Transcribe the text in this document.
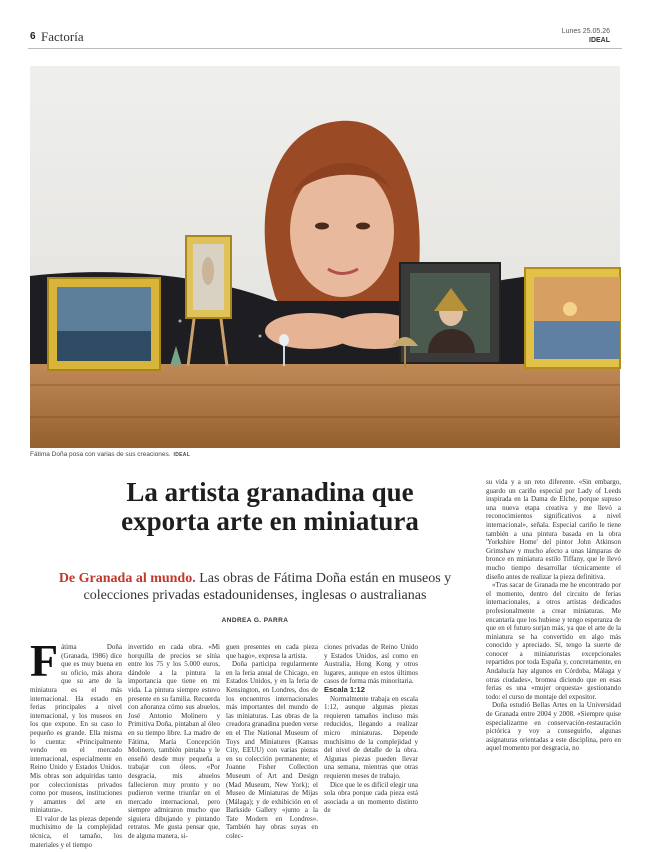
6 Factoría	Lunes 25.05.26
IDEAL
Fátima Doña posa con varias de sus creaciones. IDEAL
La artista granadina que
exporta arte en miniatura
De Granada al mundo. Las obras de Fátima Doña están en museos y colecciones privadas estadounidenses, inglesas o australianas
ANDREA G. PARRA

Fátima Doña (Granada, 1986) dice que es muy buena en su oficio, más ahora que su arte de la miniatura es el más internacional. Ha estado en ferias principales a nivel internacional, y los museos en los que expone. En su caso lo pequeño es grande. Ella misma lo cuenta: «Principalmente vendo en el mercado internacional, especialmente en Reino Unido y Estados Unidos. Mis obras son adquiridas tanto por coleccionistas privados como por museos, instituciones y amantes del arte en miniatura».

El valor de las piezas depende muchísimo de la complejidad técnica, el tamaño, los materiales y el tiempo

invertido en cada obra. «Mi horquilla de precios se sitúa entre los 75 y los 5.000 euros, dándole a la pintura la importancia que tiene en mi vida. La pintura siempre estuvo presente en su familia. Recuerda con añoranza cómo sus abuelos, José Antonio Molinero y Primitiva Doña, pintaban al óleo en su tiempo libre. La madre de Fátima, María Concepción Molinero, también pintaba y le enseñó desde muy pequeña a trabajar con óleos. «Por desgracia, mis abuelos fallecieron muy pronto y no pudieron verme triunfar en el mercado internacional, pero siempre admiraron mucho que siguiera dibujando y pintando retratos. Me gusta pensar que, de alguna manera, si-

guen presentes en cada pieza que hago», expresa la artista.

Doña participa regularmente en la feria anual de Chicago, en Estados Unidos, y en la feria de Kensington, en Londres, dos de los encuentros internacionales más importantes del mundo de las miniaturas. Las obras de la creadora granadina pueden verse en el The National Museum of Toys and Miniatures (Kansas City, EEUU) con varias piezas en su colección permanente; el Joanne Fisher Collection Museum of Art and Design (Mad Museum, New York); el Museo de Miniaturas de Mijas (Málaga); y de exhibición en el Barkside Gallery «junto a la Tate Modern en Londres». También hay obras suyas en colec-

ciones privadas de Reino Unido y Estados Unidos, así como en Australia, Hong Kong y otros lugares, aunque en estos últimos casos de forma más minoritaria.

Escala 1:12

Normalmente trabaja en escala 1:12, aunque algunas piezas requieren tamaños incluso más reducidos, llegando a realizar micro miniaturas. Depende muchísimo de la complejidad y del nivel de detalle de la obra. Algunas piezas pueden llevar una semana, mientras que otras requieren meses de trabajo.

Dice que le es difícil elegir una sola obra porque cada pieza está asociada a un momento distinto de

su vida y a un reto diferente. «Sin embargo, guardo un cariño especial por Lady of Leeds inspirada en la Dama de Elche, porque supuso una nueva etapa creativa y me llevó a reconocimientos significativos a nivel internacional», señala. Especial cariño le tiene también a una pintura basada en la obra 'Yorkshire Home' del pintor John Atkinson Grimshaw y mucho afecto a unas lámparas de bronce en miniatura estilo Tiffany, que le llevó mucho tiempo desarrollar técnicamente el diseño antes de realizar la pieza definitiva.

«Tras sacar de Granada me he encontrado por el momento, dentro del circuito de ferias internacionales, a otros artistas dedicados profesionalmente a crear miniaturas. Me encantaría que los hubiese y tengo esperanza de que en el futuro surjan más, ya que el arte de la miniatura se ha convertido en algo más conocido y apreciado. Sí, tengo la suerte de conocer a miniaturistas excepcionales repartidos por toda España y, concretamente, en Andalucía hay algunos en Córdoba, Málaga y otras ciudades», bromea diciendo que en esas ferias es una «mujer orquesta» gestionando todo: el curso de montaje del expositor.

Doña estudió Bellas Artes en la Universidad de Granada entre 2004 y 2008. «Siempre quise especializarme en conservación-restauración pictórica y voy a conseguirlo, algunas asignaturas orientadas a este disciplina, pero en aquel momento por desgracia, no
